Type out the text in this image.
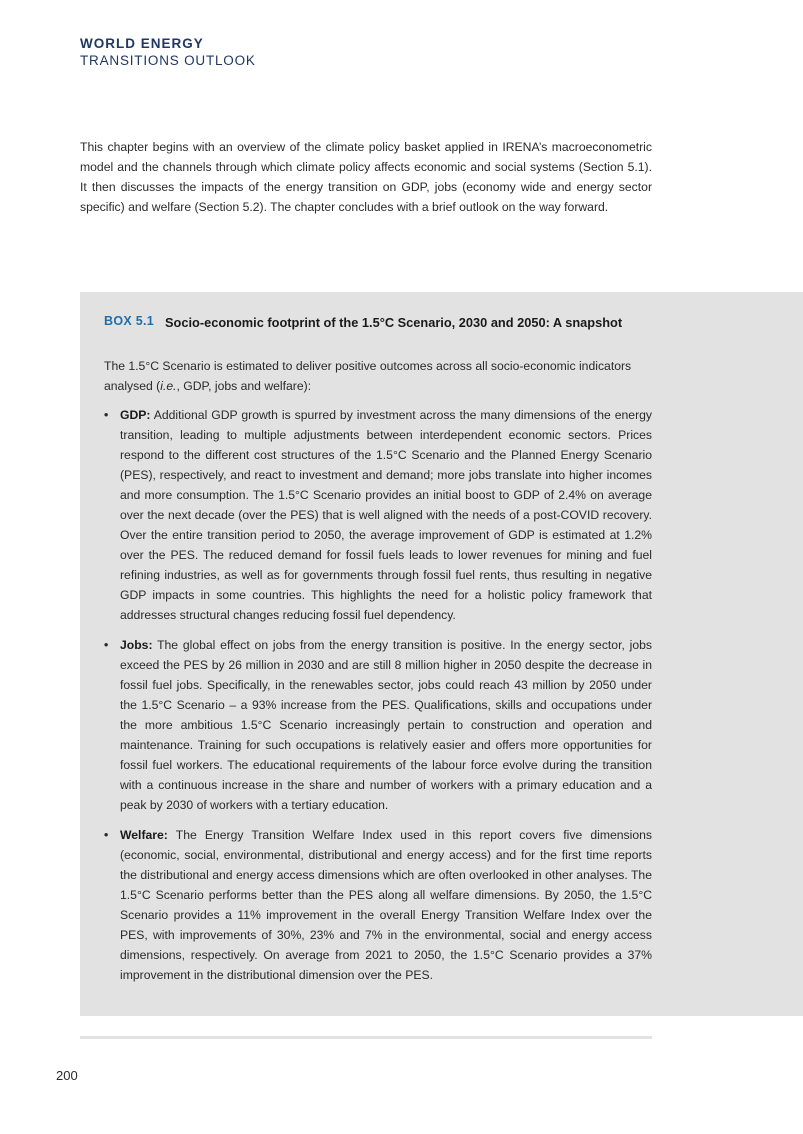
WORLD ENERGY
TRANSITIONS OUTLOOK

This chapter begins with an overview of the climate policy basket applied in IRENA’s macroeconometric model and the channels through which climate policy affects economic and social systems (Section 5.1). It then discusses the impacts of the energy transition on GDP, jobs (economy wide and energy sector specific) and welfare (Section 5.2). The chapter concludes with a brief outlook on the way forward.

BOX 5.1 Socio-economic footprint of the 1.5°C Scenario, 2030 and 2050: A snapshot

The 1.5°C Scenario is estimated to deliver positive outcomes across all socio-economic indicators analysed (i.e., GDP, jobs and welfare):

• GDP: Additional GDP growth is spurred by investment across the many dimensions of the energy transition, leading to multiple adjustments between interdependent economic sectors. Prices respond to the different cost structures of the 1.5°C Scenario and the Planned Energy Scenario (PES), respectively, and react to investment and demand; more jobs translate into higher incomes and more consumption. The 1.5°C Scenario provides an initial boost to GDP of 2.4% on average over the next decade (over the PES) that is well aligned with the needs of a post-COVID recovery. Over the entire transition period to 2050, the average improvement of GDP is estimated at 1.2% over the PES. The reduced demand for fossil fuels leads to lower revenues for mining and fuel refining industries, as well as for governments through fossil fuel rents, thus resulting in negative GDP impacts in some countries. This highlights the need for a holistic policy framework that addresses structural changes reducing fossil fuel dependency.
• Jobs: The global effect on jobs from the energy transition is positive. In the energy sector, jobs exceed the PES by 26 million in 2030 and are still 8 million higher in 2050 despite the decrease in fossil fuel jobs. Specifically, in the renewables sector, jobs could reach 43 million by 2050 under the 1.5°C Scenario – a 93% increase from the PES. Qualifications, skills and occupations under the more ambitious 1.5°C Scenario increasingly pertain to construction and operation and maintenance. Training for such occupations is relatively easier and offers more opportunities for fossil fuel workers. The educational requirements of the labour force evolve during the transition with a continuous increase in the share and number of workers with a primary education and a peak by 2030 of workers with a tertiary education.
• Welfare: The Energy Transition Welfare Index used in this report covers five dimensions (economic, social, environmental, distributional and energy access) and for the first time reports the distributional and energy access dimensions which are often overlooked in other analyses. The 1.5°C Scenario performs better than the PES along all welfare dimensions. By 2050, the 1.5°C Scenario provides a 11% improvement in the overall Energy Transition Welfare Index over the PES, with improvements of 30%, 23% and 7% in the environmental, social and energy access dimensions, respectively. On average from 2021 to 2050, the 1.5°C Scenario provides a 37% improvement in the distributional dimension over the PES.
200
